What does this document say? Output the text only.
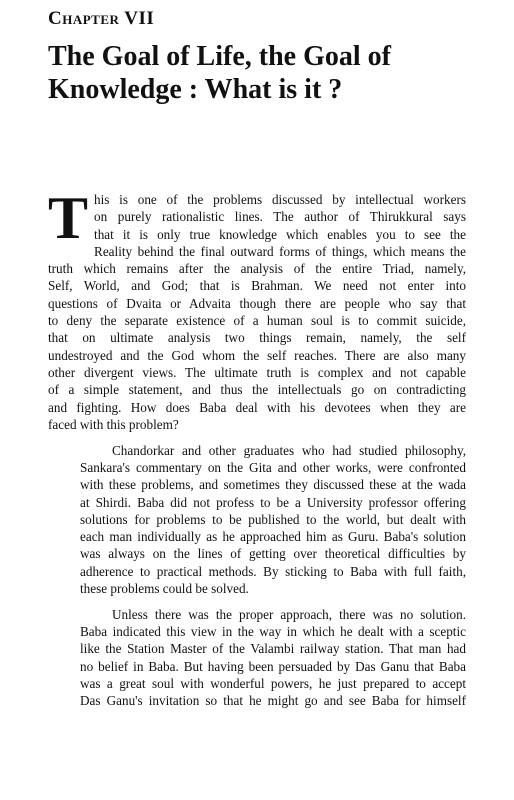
Chapter VII
The Goal of Life, the Goal of
Knowledge : What is it ?
T his is one of the problems discussed by intellectual workers
on purely rationalistic lines. The author of Thirukkural says
that it is only true knowledge which enables you to see the
Reality behind the final outward forms of things, which means the
truth which remains after the analysis of the entire Triad, namely,
Self, World, and God; that is Brahman. We need not enter into
questions of Dvaita or Advaita though there are people who say that
to deny the separate existence of a human soul is to commit suicide,
that on ultimate analysis two things remain, namely, the self
undestroyed and the God whom the self reaches. There are also many
other divergent views. The ultimate truth is complex and not capable
of a simple statement, and thus the intellectuals go on contradicting
and fighting. How does Baba deal with his devotees when they are
faced with this problem?
Chandorkar and other graduates who had studied philosophy,
Sankara's commentary on the Gita and other works, were confronted
with these problems, and sometimes they discussed these at the wada
at Shirdi. Baba did not profess to be a University professor offering
solutions for problems to be published to the world, but dealt with
each man individually as he approached him as Guru. Baba's solution
was always on the lines of getting over theoretical difficulties by
adherence to practical methods. By sticking to Baba with full faith,
these problems could be solved.
Unless there was the proper approach, there was no solution.
Baba indicated this view in the way in which he dealt with a sceptic
like the Station Master of the Valambi railway station. That man had
no belief in Baba. But having been persuaded by Das Ganu that Baba
was a great soul with wonderful powers, he just prepared to accept
Das Ganu's invitation so that he might go and see Baba for himself
